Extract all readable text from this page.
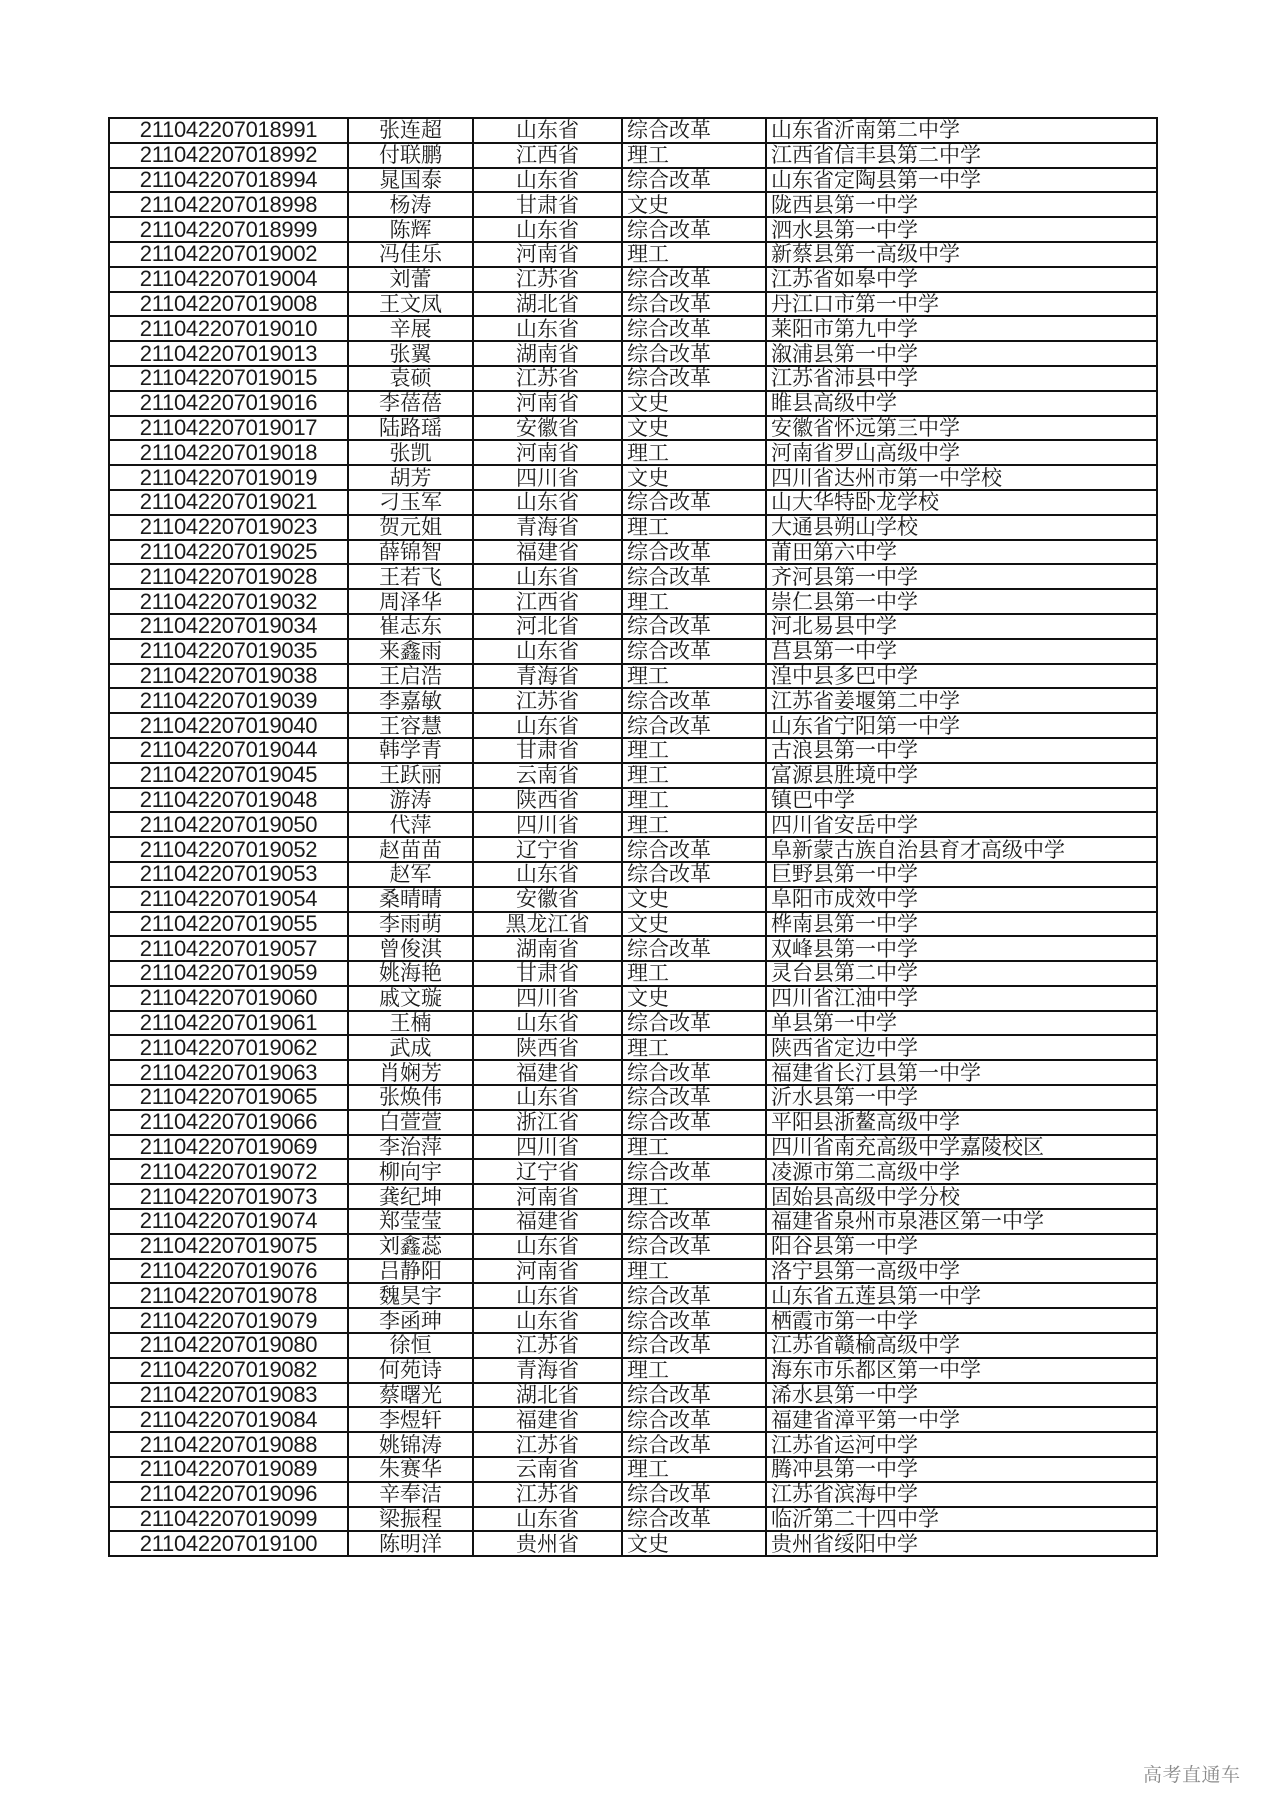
211042207018991	张连超	山东省	综合改革	山东省沂南第二中学
211042207018992	付联鹏	江西省	理工	江西省信丰县第二中学
211042207018994	晁国泰	山东省	综合改革	山东省定陶县第一中学
211042207018998	杨涛	甘肃省	文史	陇西县第一中学
211042207018999	陈辉	山东省	综合改革	泗水县第一中学
211042207019002	冯佳乐	河南省	理工	新蔡县第一高级中学
211042207019004	刘蕾	江苏省	综合改革	江苏省如皋中学
211042207019008	王文凤	湖北省	综合改革	丹江口市第一中学
211042207019010	辛展	山东省	综合改革	莱阳市第九中学
211042207019013	张翼	湖南省	综合改革	溆浦县第一中学
211042207019015	袁硕	江苏省	综合改革	江苏省沛县中学
211042207019016	李蓓蓓	河南省	文史	睢县高级中学
211042207019017	陆路瑶	安徽省	文史	安徽省怀远第三中学
211042207019018	张凯	河南省	理工	河南省罗山高级中学
211042207019019	胡芳	四川省	文史	四川省达州市第一中学校
211042207019021	刁玉军	山东省	综合改革	山大华特卧龙学校
211042207019023	贺元姐	青海省	理工	大通县朔山学校
211042207019025	薛锦智	福建省	综合改革	莆田第六中学
211042207019028	王若飞	山东省	综合改革	齐河县第一中学
211042207019032	周泽华	江西省	理工	崇仁县第一中学
211042207019034	崔志东	河北省	综合改革	河北易县中学
211042207019035	来鑫雨	山东省	综合改革	莒县第一中学
211042207019038	王启浩	青海省	理工	湟中县多巴中学
211042207019039	李嘉敏	江苏省	综合改革	江苏省姜堰第二中学
211042207019040	王容慧	山东省	综合改革	山东省宁阳第一中学
211042207019044	韩学青	甘肃省	理工	古浪县第一中学
211042207019045	王跃丽	云南省	理工	富源县胜境中学
211042207019048	游涛	陕西省	理工	镇巴中学
211042207019050	代萍	四川省	理工	四川省安岳中学
211042207019052	赵苗苗	辽宁省	综合改革	阜新蒙古族自治县育才高级中学
211042207019053	赵军	山东省	综合改革	巨野县第一中学
211042207019054	桑晴晴	安徽省	文史	阜阳市成效中学
211042207019055	李雨萌	黑龙江省	文史	桦南县第一中学
211042207019057	曾俊淇	湖南省	综合改革	双峰县第一中学
211042207019059	姚海艳	甘肃省	理工	灵台县第二中学
211042207019060	戚文璇	四川省	文史	四川省江油中学
211042207019061	王楠	山东省	综合改革	单县第一中学
211042207019062	武成	陕西省	理工	陕西省定边中学
211042207019063	肖娴芳	福建省	综合改革	福建省长汀县第一中学
211042207019065	张焕伟	山东省	综合改革	沂水县第一中学
211042207019066	白萱萱	浙江省	综合改革	平阳县浙鳌高级中学
211042207019069	李治萍	四川省	理工	四川省南充高级中学嘉陵校区
211042207019072	柳向宇	辽宁省	综合改革	凌源市第二高级中学
211042207019073	龚纪坤	河南省	理工	固始县高级中学分校
211042207019074	郑莹莹	福建省	综合改革	福建省泉州市泉港区第一中学
211042207019075	刘鑫蕊	山东省	综合改革	阳谷县第一中学
211042207019076	吕静阳	河南省	理工	洛宁县第一高级中学
211042207019078	魏昊宇	山东省	综合改革	山东省五莲县第一中学
211042207019079	李函珅	山东省	综合改革	栖霞市第一中学
211042207019080	徐恒	江苏省	综合改革	江苏省赣榆高级中学
211042207019082	何苑诗	青海省	理工	海东市乐都区第一中学
211042207019083	蔡曙光	湖北省	综合改革	浠水县第一中学
211042207019084	李煜轩	福建省	综合改革	福建省漳平第一中学
211042207019088	姚锦涛	江苏省	综合改革	江苏省运河中学
211042207019089	朱赛华	云南省	理工	腾冲县第一中学
211042207019096	辛奉洁	江苏省	综合改革	江苏省滨海中学
211042207019099	梁振程	山东省	综合改革	临沂第二十四中学
211042207019100	陈明洋	贵州省	文史	贵州省绥阳中学
高考直通车
